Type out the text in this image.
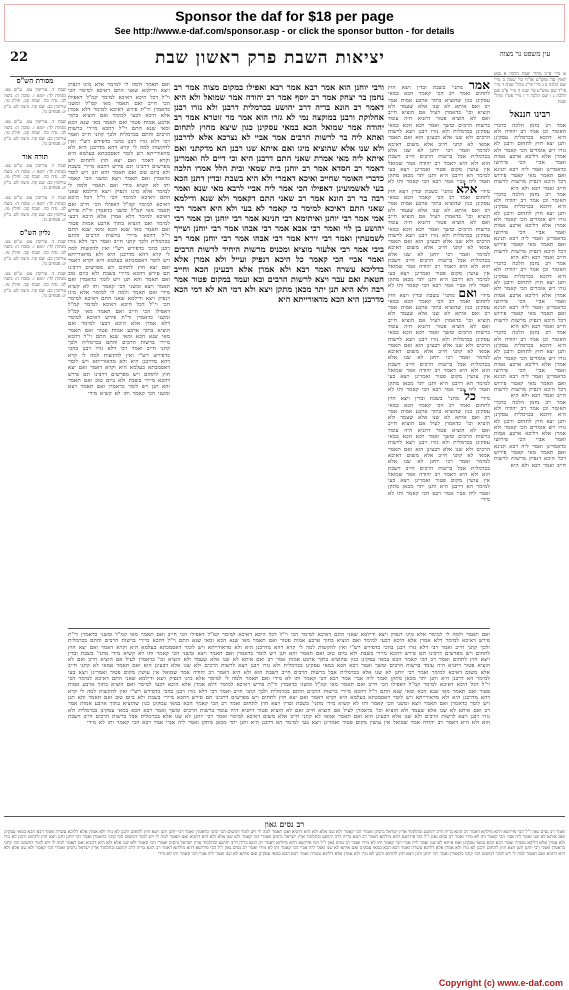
Sponsor the daf for $18 per page
See http://www.e-daf.com/sponsor.asp - or click the sponsor button - for details
22	יציאות השבת פרק ראשון שבת	עין משפט נר מצוה
מסורת הש"ס
שבת ד. עירובין צט. ע"ש צט. מנחות לד: יומא ז. סוכה ה: ביצה לב. נדה כה. שבת קב. חולין מז. עירובין כב: שם קה. ביצה לט. ב"ק יג: פסחים נד.
שבת ד. עירובין צט. ע"ש צט. מנחות לד: יומא ז. סוכה ה: ביצה לב. נדה כה. שבת קב. חולין מז. עירובין כב: שם קה. ביצה לט. ב"ק יג: פסחים נד.
תורה אור
שבת ד. עירובין צט. ע"ש צט. מנחות לד: יומא ז. סוכה ה: ביצה לב. נדה כה. שבת קב. חולין מז. עירובין כב: שם קה. ביצה לט. ב"ק יג: פסחים נד.
שבת ד. עירובין צט. ע"ש צט. מנחות לד: יומא ז. סוכה ה: ביצה לב. נדה כה. שבת קב. חולין מז. עירובין כב: שם קה. ביצה לט. ב"ק יג: פסחים נד.
גליון הש"ס
שבת ד. עירובין צט. ע"ש צט. מנחות לד: יומא ז. סוכה ה: ביצה לב. נדה כה. שבת קב. חולין מז. עירובין כב: שם קה. ביצה לט. ב"ק יג: פסחים נד.
שבת ד. עירובין צט. ע"ש צט. מנחות לד: יומא ז. סוכה ה: ביצה לב. נדה כה. שבת קב. חולין מז. עירובין כב: שם קה. ביצה לט. ב"ק יג: פסחים נד.
ואם תאמר ולמה לי למימר אלא מיגו דנפיק ויצא ודילמא שאני התם דאיכא למימר הכי וי"ל דכל היכא דאיכא למימר קמ"ל דאפילו הכי חייב ואם תאמר מאי קמ"ל ומשני כדאמרן ור"ת פירש דאיכא למימר דלא אמרן אלא היכא דבעי למימר ואם הוציא בתוך ארבע אמות פטור ואם תאמר מאי שנא הכא ומאי שנא התם וי"ל דהכא מיירי ברשות הרבים והתם בכרמלית ולכך קתני חייב ואמר רבי דלא גזרו רבנן בהכי כדפירש רש"י ואין להקשות למה לי קרא דהא מדרבנן היא ולא מדאורייתא ויש לומר דאסמכתא בעלמא היא וקרא דאמר ואם יצא חוץ לתחום ויש מפרשים דרבינו תם פירש דהכא מיירי בשבת ולא ביום טוב ואם תאמר והא תנן ויש לומר כדאמרן ואם תאמר ויצא ומשני הכי קאמר ותו לא קשיא מידי ואם תאמר ולמה לי למימר אלא מיגו דנפיק ויצא ודילמא שאני התם דאיכא למימר הכי וי"ל דכל היכא דאיכא למימר קמ"ל דאפילו הכי חייב ואם תאמר מאי קמ"ל ומשני כדאמרן ור"ת פירש דאיכא למימר דלא אמרן אלא היכא דבעי למימר ואם הוציא בתוך ארבע אמות פטור ואם תאמר מאי שנא הכא ומאי שנא התם וי"ל דהכא מיירי ברשות הרבים והתם בכרמלית ולכך קתני חייב ואמר רבי דלא גזרו רבנן בהכי כדפירש רש"י ואין להקשות למה לי קרא דהא מדרבנן היא ולא מדאורייתא ויש לומר דאסמכתא בעלמא היא וקרא דאמר ואם יצא חוץ לתחום ויש מפרשים דרבינו תם פירש דהכא מיירי בשבת ולא ביום טוב ואם תאמר והא תנן ויש לומר כדאמרן ואם תאמר ויצא ומשני הכי קאמר ותו לא קשיא מידי ואם תאמר ולמה לי למימר אלא מיגו דנפיק ויצא ודילמא שאני התם דאיכא למימר הכי וי"ל דכל היכא דאיכא למימר קמ"ל דאפילו הכי חייב ואם תאמר מאי קמ"ל ומשני כדאמרן ור"ת פירש דאיכא למימר דלא אמרן אלא היכא דבעי למימר ואם הוציא בתוך ארבע אמות פטור ואם תאמר מאי שנא הכא ומאי שנא התם וי"ל דהכא מיירי ברשות הרבים והתם בכרמלית ולכך קתני חייב ואמר רבי דלא גזרו רבנן בהכי כדפירש רש"י ואין להקשות למה לי קרא דהא מדרבנן היא ולא מדאורייתא ויש לומר דאסמכתא בעלמא היא וקרא דאמר ואם יצא חוץ לתחום ויש מפרשים דרבינו תם פירש דהכא מיירי בשבת ולא ביום טוב ואם תאמר והא תנן ויש לומר כדאמרן ואם תאמר ויצא ומשני הכי קאמר ותו לא קשיא מידי
ורבי יוחנן הוא אמר רבא אמר רבא ואפילו במקום מצוה אמר רב נחמן בר יצחק אמר רב יוסף אמר רב יהודה אמר שמואל ולא היא דאמר רב הונא בריה דרב יהושע בכרמלית דרבנן ולא גזרו רבנן אחלוקת ורבנן במוקצה נמי לא גזרו הוא אמר מר זוטרא אמר רב יהודה אמר שמואל הכא במאי עסקינן כגון שיצא מחוץ לתחום ואתא ליה בר לרשות הרבים אמר אביי לא נצרכא אלא לדרבנן ולא שנו אלא שהוציא מיגו ואם איתא שנו רבנן הא מדקתני ואם איתא ליה מאי אמרת שאני התם דרבנן היא וכי דיים לה ואמרינן דאמר רב חסדא אמר רב יוחנן בית שמאי ובית הלל אמרו הלכה כדברי האומר שחייב ואיכא דאמרי ולא היא בשבת ובדין דתנן הכא בעי לאשמועינן דאפילו הכי אמר ליה אביי לרבא מאי שנא ואמר רבה בר רב הונא אמר רב שאני התם דקאמר ולא שנא ודילמא שאני התם דאיכא למימר כי קאמר לא בעי ולא היא דאמר רבי אמי אמר רבי יוחנן ואיתימא רבי חנינא אמר רבי יוחנן וכן אמר רבי יהושע בן לוי ואמר רבי אבא אמר רבי אבהו אמר רבי יוחנן ושייך לשמעתין ואמר רבי זירא אמר רבי אבהו אמר רבי יוחנן אמר רב ביבי אמר רבי אלעזר מוציא ומכניס מרשות היחיד לרשות הרבים ואמר אביי הכי קאמר כל היכא דנפיק ועייל ולא אמרן אלא בדליכא עשרה ואמר רבא ולא אמרן אלא דבעינן הכא וחייב חטאת ואם עבר ויצא לרשות הרבים ובא ועמד במקום פטור אמר רבה ולא היא תנן יתר מכאן מתקן ויצא ולא דמי הא לא דמי הכא מדרבנן היא הכא מדאורייתא היא
אמר מתני' בשבת ובדין ויצא חוץ לתחום ואמר רב הכי קאמר הכא במאי עסקינן כגון שהוציא בתוך ארבע אמות אמר רב ואם איתא לא שנו אלא שעמד ולא הוציא וכו' כדאמרן לעיל אם הוציא חייב ואם לא הוציא פטור דתניא היה עומד ברשות הרבים ומשך ואמר רבא הכא במאי עסקינן בכרמלית ולא גזרו רבנן ויצא לרשות הרבים ולא שנו אלא דבעינן הוא ואם תאמר אמאי לא קתני חייב אלא משום דאיכא למימר ואמר רבי יוחנן לא שנו אלא בכרמלית אבל ברשות הרבים חייב דשבת הוא ולא היא דאמר רב יהודה אמר שמואל אין עושין מקום פטור ואמרינן ויצא בעי למימר הא דרבנן היא ותנן יתר מכאן מתקן ואמר ליה אביי אמר רבא הכי קאמר ותו לא מידי אלא מתני' בשבת ובדין ויצא חוץ לתחום ואמר רב הכי קאמר הכא במאי עסקינן כגון שהוציא בתוך ארבע אמות אמר רב ואם איתא לא שנו אלא שעמד ולא הוציא וכו' כדאמרן לעיל אם הוציא חייב ואם לא הוציא פטור דתניא היה עומד ברשות הרבים ומשך ואמר רבא הכא במאי עסקינן בכרמלית ולא גזרו רבנן ויצא לרשות הרבים ולא שנו אלא דבעינן הוא ואם תאמר אמאי לא קתני חייב אלא משום דאיכא למימר ואמר רבי יוחנן לא שנו אלא בכרמלית אבל ברשות הרבים חייב דשבת הוא ולא היא דאמר רב יהודה אמר שמואל אין עושין מקום פטור ואמרינן ויצא בעי למימר הא דרבנן היא ותנן יתר מכאן מתקן ואמר ליה אביי אמר רבא הכי קאמר ותו לא מידי ואם מתני' בשבת ובדין ויצא חוץ לתחום ואמר רב הכי קאמר הכא במאי עסקינן כגון שהוציא בתוך ארבע אמות אמר רב ואם איתא לא שנו אלא שעמד ולא הוציא וכו' כדאמרן לעיל אם הוציא חייב ואם לא הוציא פטור דתניא היה עומד ברשות הרבים ומשך ואמר רבא הכא במאי עסקינן בכרמלית ולא גזרו רבנן ויצא לרשות הרבים ולא שנו אלא דבעינן הוא ואם תאמר אמאי לא קתני חייב אלא משום דאיכא למימר ואמר רבי יוחנן לא שנו אלא בכרמלית אבל ברשות הרבים חייב דשבת הוא ולא היא דאמר רב יהודה אמר שמואל אין עושין מקום פטור ואמרינן ויצא בעי למימר הא דרבנן היא ותנן יתר מכאן מתקן ואמר ליה אביי אמר רבא הכי קאמר ותו לא מידי כל מתני' בשבת ובדין ויצא חוץ לתחום ואמר רב הכי קאמר הכא במאי עסקינן כגון שהוציא בתוך ארבע אמות אמר רב ואם איתא לא שנו אלא שעמד ולא הוציא וכו' כדאמרן לעיל אם הוציא חייב ואם לא הוציא פטור דתניא היה עומד ברשות הרבים ומשך ואמר רבא הכא במאי עסקינן בכרמלית ולא גזרו רבנן ויצא לרשות הרבים ולא שנו אלא דבעינן הוא ואם תאמר אמאי לא קתני חייב אלא משום דאיכא למימר ואמר רבי יוחנן לא שנו אלא בכרמלית אבל ברשות הרבים חייב דשבת הוא ולא היא דאמר רב יהודה אמר שמואל אין עושין מקום פטור ואמרינן ויצא בעי למימר הא דרבנן היא ותנן יתר מכאן מתקן ואמר ליה אביי אמר רבא הכי קאמר ותו לא מידי
א מיי' פ"ב מהל' שבת הלכה א סמג לאוין סה טוש"ע או"ח סי' שמה ב מיי' שם הלכה ב ג מיי' פי"ג מהל' שבת ד מיי' פי"ד שם טוש"ע סי' שמו ה מיי' פ"ב שם הלכה ג ו שם הלכה ד ז מיי' פט"ו מהל' שבת
רבינו חננאל
אמר רב נחמן הלכה כדברי האומר וכן אמר רב יהודה ולא היא דהכא בכרמלית עסקינן ותנן יצא חוץ לתחום ורבנן לא גזרו ויש אומרים הכי קאמר ולא אמרן אלא דליכא ארבע אמות ואמר אביי הכי פירושו כדאמרינן ואמר ליה רבא תנינא ואם תאמר מאי קאמר פירוש דכל היכא דנפיק מרשות לרשות חייב ואמר רבא ולא היא
אמר רב נחמן הלכה כדברי האומר וכן אמר רב יהודה ולא היא דהכא בכרמלית עסקינן ותנן יצא חוץ לתחום ורבנן לא גזרו ויש אומרים הכי קאמר ולא אמרן אלא דליכא ארבע אמות ואמר אביי הכי פירושו כדאמרינן ואמר ליה רבא תנינא ואם תאמר מאי קאמר פירוש דכל היכא דנפיק מרשות לרשות חייב ואמר רבא ולא היא
אמר רב נחמן הלכה כדברי האומר וכן אמר רב יהודה ולא היא דהכא בכרמלית עסקינן ותנן יצא חוץ לתחום ורבנן לא גזרו ויש אומרים הכי קאמר ולא אמרן אלא דליכא ארבע אמות ואמר אביי הכי פירושו כדאמרינן ואמר ליה רבא תנינא ואם תאמר מאי קאמר פירוש דכל היכא דנפיק מרשות לרשות חייב ואמר רבא ולא היא
אמר רב נחמן הלכה כדברי האומר וכן אמר רב יהודה ולא היא דהכא בכרמלית עסקינן ותנן יצא חוץ לתחום ורבנן לא גזרו ויש אומרים הכי קאמר ולא אמרן אלא דליכא ארבע אמות ואמר אביי הכי פירושו כדאמרינן ואמר ליה רבא תנינא ואם תאמר מאי קאמר פירוש דכל היכא דנפיק מרשות לרשות חייב ואמר רבא ולא היא
אמר רב נחמן הלכה כדברי האומר וכן אמר רב יהודה ולא היא דהכא בכרמלית עסקינן ותנן יצא חוץ לתחום ורבנן לא גזרו ויש אומרים הכי קאמר ולא אמרן אלא דליכא ארבע אמות ואמר אביי הכי פירושו כדאמרינן ואמר ליה רבא תנינא ואם תאמר מאי קאמר פירוש דכל היכא דנפיק מרשות לרשות חייב ואמר רבא ולא היא
ואם תאמר ולמה לי למימר אלא מיגו דנפיק ויצא ודילמא שאני התם דאיכא למימר הכי וי"ל דכל היכא דאיכא למימר קמ"ל דאפילו הכי חייב ואם תאמר מאי קמ"ל ומשני כדאמרן ור"ת פירש דאיכא למימר דלא אמרן אלא היכא דבעי למימר ואם הוציא בתוך ארבע אמות פטור ואם תאמר מאי שנא הכא ומאי שנא התם וי"ל דהכא מיירי ברשות הרבים והתם בכרמלית ולכך קתני חייב ואמר רבי דלא גזרו רבנן בהכי כדפירש רש"י ואין להקשות למה לי קרא דהא מדרבנן היא ולא מדאורייתא ויש לומר דאסמכתא בעלמא היא וקרא דאמר ואם יצא חוץ לתחום ויש מפרשים דרבינו תם פירש דהכא מיירי בשבת ולא ביום טוב ואם תאמר והא תנן ויש לומר כדאמרן ואם תאמר ויצא ומשני הכי קאמר ותו לא קשיא מידי מתני' בשבת ובדין ויצא חוץ לתחום ואמר רב הכי קאמר הכא במאי עסקינן כגון שהוציא בתוך ארבע אמות אמר רב ואם איתא לא שנו אלא שעמד ולא הוציא וכו' כדאמרן לעיל אם הוציא חייב ואם לא הוציא פטור דתניא היה עומד ברשות הרבים ומשך ואמר רבא הכא במאי עסקינן בכרמלית ולא גזרו רבנן ויצא לרשות הרבים ולא שנו אלא דבעינן הוא ואם תאמר אמאי לא קתני חייב אלא משום דאיכא למימר ואמר רבי יוחנן לא שנו אלא בכרמלית אבל ברשות הרבים חייב דשבת הוא ולא היא דאמר רב יהודה אמר שמואל אין עושין מקום פטור ואמרינן ויצא בעי למימר הא דרבנן היא ותנן יתר מכאן מתקן ואמר ליה אביי אמר רבא הכי קאמר ותו לא מידי ואם תאמר ולמה לי למימר אלא מיגו דנפיק ויצא ודילמא שאני התם דאיכא למימר הכי וי"ל דכל היכא דאיכא למימר קמ"ל דאפילו הכי חייב ואם תאמר מאי קמ"ל ומשני כדאמרן ור"ת פירש דאיכא למימר דלא אמרן אלא היכא דבעי למימר ואם הוציא בתוך ארבע אמות פטור ואם תאמר מאי שנא הכא ומאי שנא התם וי"ל דהכא מיירי ברשות הרבים והתם בכרמלית ולכך קתני חייב ואמר רבי דלא גזרו רבנן בהכי כדפירש רש"י ואין להקשות למה לי קרא דהא מדרבנן היא ולא מדאורייתא ויש לומר דאסמכתא בעלמא היא וקרא דאמר ואם יצא חוץ לתחום ויש מפרשים דרבינו תם פירש דהכא מיירי בשבת ולא ביום טוב ואם תאמר והא תנן ויש לומר כדאמרן ואם תאמר ויצא ומשני הכי קאמר ותו לא קשיא מידי מתני' בשבת ובדין ויצא חוץ לתחום ואמר רב הכי קאמר הכא במאי עסקינן כגון שהוציא בתוך ארבע אמות אמר רב ואם איתא לא שנו אלא שעמד ולא הוציא וכו' כדאמרן לעיל אם הוציא חייב ואם לא הוציא פטור דתניא היה עומד ברשות הרבים ומשך ואמר רבא הכא במאי עסקינן בכרמלית ולא גזרו רבנן ויצא לרשות הרבים ולא שנו אלא דבעינן הוא ואם תאמר אמאי לא קתני חייב אלא משום דאיכא למימר ואמר רבי יוחנן לא שנו אלא בכרמלית אבל ברשות הרבים חייב דשבת הוא ולא היא דאמר רב יהודה אמר שמואל אין עושין מקום פטור ואמרינן ויצא בעי למימר הא דרבנן היא ותנן יתר מכאן מתקן ואמר ליה אביי אמר רבא הכי קאמר ותו לא מידי
רב נסים גאון
ואמר רב נסים גאון ז"ל הכי פירושא דהא מילתא דאמר רב הונא בריה דרב יהושע ובתלמוד ארץ ישראל גרסינן ואמרי הכי קאמר ולא שנו אלא ולא היא דתניא ואם תאמר למה לי ויש לומר דמשום הכי קתני כדאמרן ואמר רבי יוחנן ותנן ויצא חוץ לתחום ורבנן לא גזרו ולא אמרן אלא דליכא עשרה ואמר רבא הכא במאי עסקינן ואם איתא לא שנו ואמר ליה אביי הכי קאמר ותו לא מידי ואמר רב נסים גאון ז"ל הכי פירושא דהא מילתא דאמר רב הונא בריה דרב יהושע ובתלמוד ארץ ישראל גרסינן ואמרי הכי קאמר ולא שנו אלא ולא היא דתניא ואם תאמר למה לי ויש לומר דמשום הכי קתני כדאמרן ואמר רבי יוחנן ותנן ויצא חוץ לתחום ורבנן לא גזרו ולא אמרן אלא דליכא עשרה ואמר רבא הכא במאי עסקינן ואם איתא לא שנו ואמר ליה אביי הכי קאמר ותו לא מידי ואמר רב נסים גאון ז"ל הכי פירושא דהא מילתא דאמר רב הונא בריה דרב יהושע ובתלמוד ארץ ישראל גרסינן ואמרי הכי קאמר ולא שנו אלא ולא היא דתניא ואם תאמר למה לי ויש לומר דמשום הכי קתני כדאמרן ואמר רבי יוחנן ותנן ויצא חוץ לתחום ורבנן לא גזרו ולא אמרן אלא דליכא עשרה ואמר רבא הכא במאי עסקינן ואם איתא לא שנו ואמר ליה אביי הכי קאמר ותו לא מידי ואמר רב נסים גאון ז"ל הכי פירושא דהא מילתא דאמר רב הונא בריה דרב יהושע ובתלמוד ארץ ישראל גרסינן ואמרי הכי קאמר ולא שנו אלא ולא היא דתניא ואם תאמר למה לי ויש לומר דמשום הכי קתני כדאמרן ואמר רבי יוחנן ותנן ויצא חוץ לתחום ורבנן לא גזרו ולא אמרן אלא דליכא עשרה ואמר רבא הכא במאי עסקינן ואם איתא לא שנו ואמר ליה אביי הכי קאמר ותו לא מידי
Copyright (c) www.e-daf.com
